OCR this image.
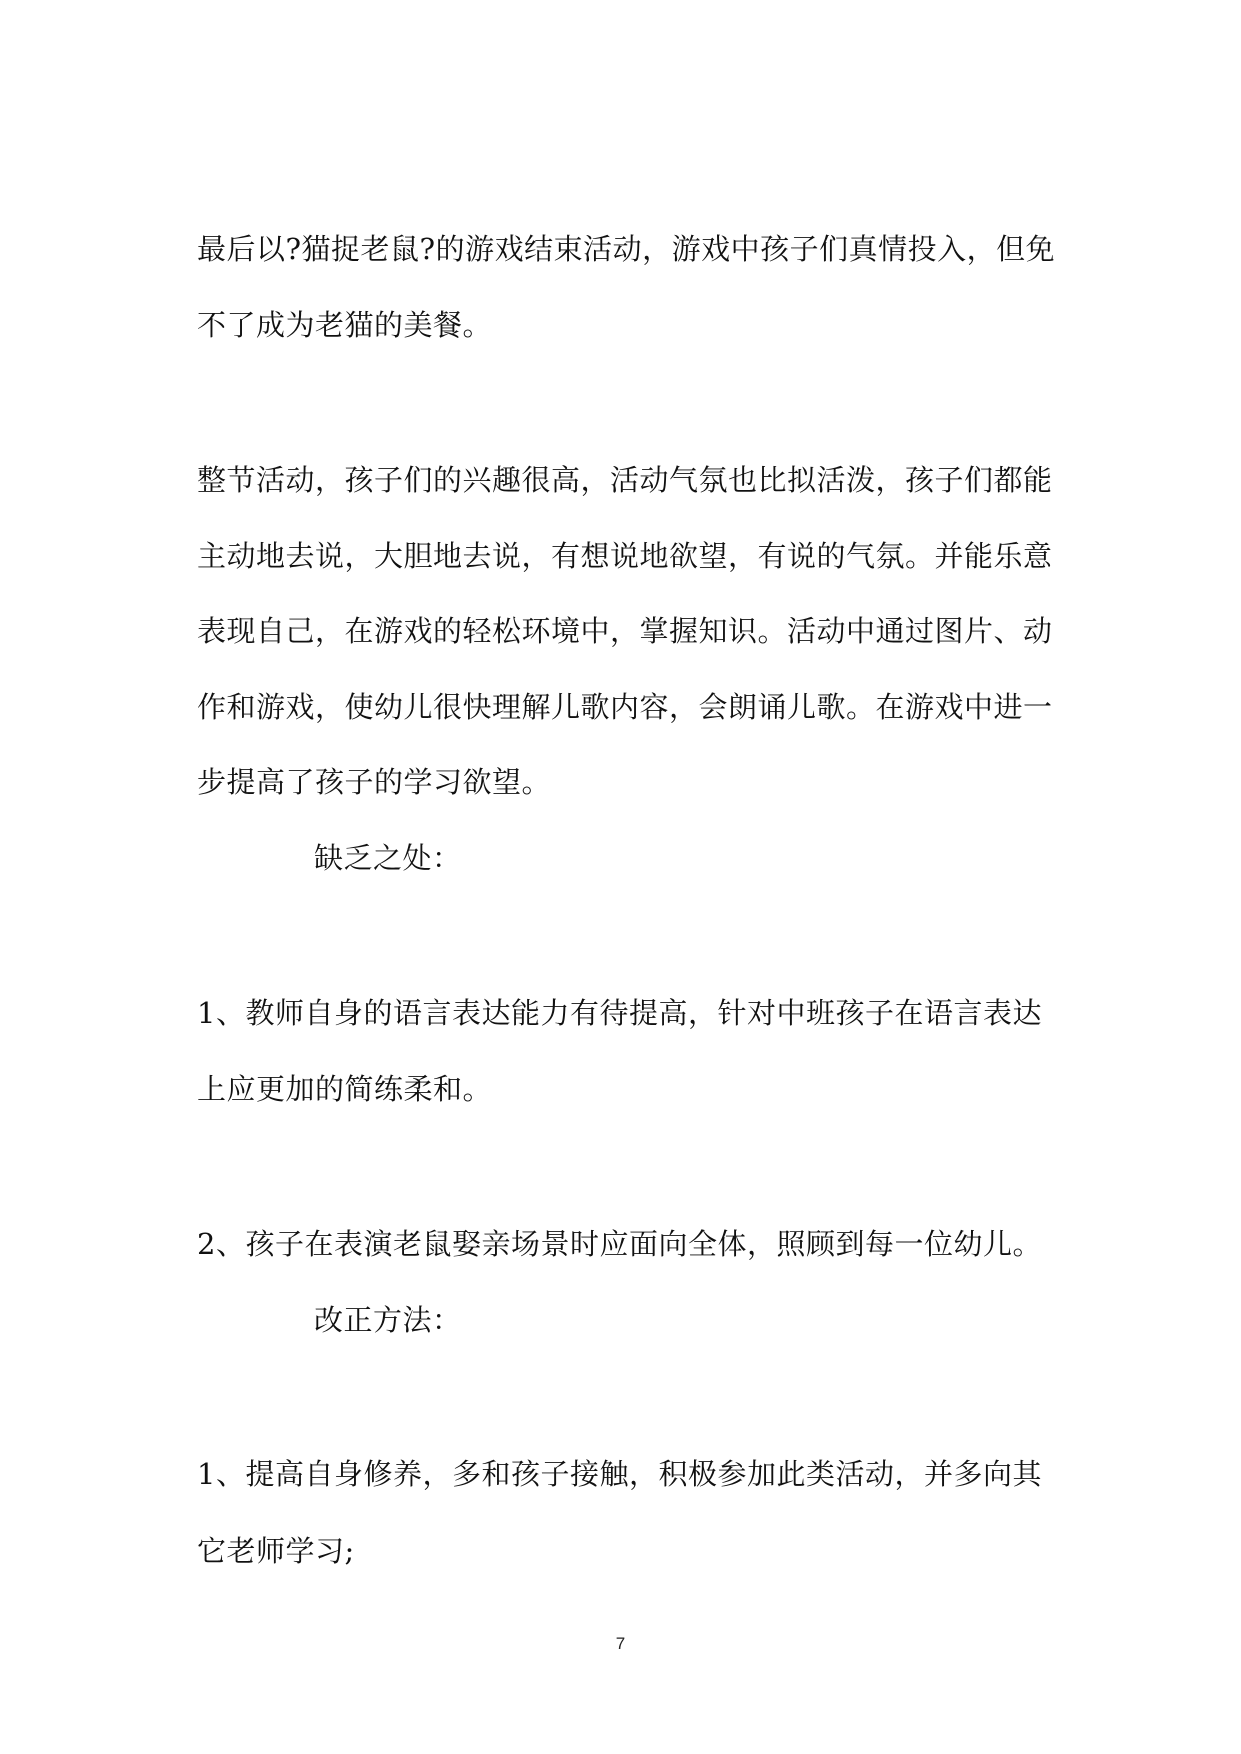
最后以?猫捉老鼠?的游戏结束活动，游戏中孩子们真情投入，但免
不了成为老猫的美餐。
整节活动，孩子们的兴趣很高，活动气氛也比拟活泼，孩子们都能
主动地去说，大胆地去说，有想说地欲望，有说的气氛。并能乐意
表现自己，在游戏的轻松环境中，掌握知识。活动中通过图片、动
作和游戏，使幼儿很快理解儿歌内容，会朗诵儿歌。在游戏中进一
步提高了孩子的学习欲望。
缺乏之处：
1、教师自身的语言表达能力有待提高，针对中班孩子在语言表达
上应更加的简练柔和。
2、孩子在表演老鼠娶亲场景时应面向全体，照顾到每一位幼儿。
改正方法：
1、提高自身修养，多和孩子接触，积极参加此类活动，并多向其
它老师学习;
7
